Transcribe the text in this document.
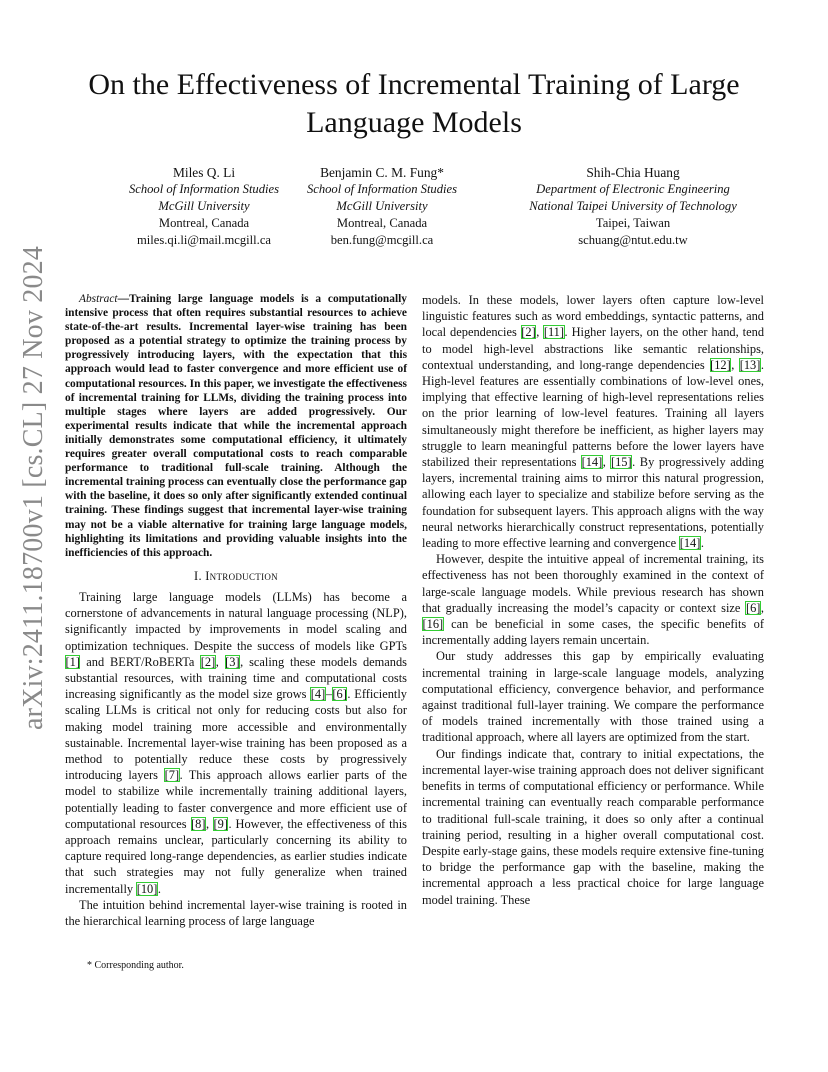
On the Effectiveness of Incremental Training of Large Language Models
Miles Q. Li
School of Information Studies
McGill University
Montreal, Canada
miles.qi.li@mail.mcgill.ca
Benjamin C. M. Fung*
School of Information Studies
McGill University
Montreal, Canada
ben.fung@mcgill.ca
Shih-Chia Huang
Department of Electronic Engineering
National Taipei University of Technology
Taipei, Taiwan
schuang@ntut.edu.tw
arXiv:2411.18700v1 [cs.CL] 27 Nov 2024	Abstract—Training large language models is a computationally intensive process that often requires substantial resources to achieve state-of-the-art results. Incremental layer-wise training has been proposed as a potential strategy to optimize the training process by progressively introducing layers, with the expectation that this approach would lead to faster convergence and more efficient use of computational resources. In this paper, we investigate the effectiveness of incremental training for LLMs, dividing the training process into multiple stages where layers are added progressively. Our experimental results indicate that while the incremental approach initially demonstrates some computational efficiency, it ultimately requires greater overall computational costs to reach comparable performance to traditional full-scale training. Although the incremental training process can eventually close the performance gap with the baseline, it does so only after significantly extended continual training. These findings suggest that incremental layer-wise training may not be a viable alternative for training large language models, highlighting its limitations and providing valuable insights into the inefficiencies of this approach.

I. Introduction

Training large language models (LLMs) has become a cornerstone of advancements in natural language processing (NLP), significantly impacted by improvements in model scaling and optimization techniques. Despite the success of models like GPTs [1] and BERT/RoBERTa [2], [3], scaling these models demands substantial resources, with training time and computational costs increasing significantly as the model size grows [4]–[6]. Efficiently scaling LLMs is critical not only for reducing costs but also for making model training more accessible and environmentally sustainable. Incremental layer-wise training has been proposed as a method to potentially reduce these costs by progressively introducing layers [7]. This approach allows earlier parts of the model to stabilize while incrementally training additional layers, potentially leading to faster convergence and more efficient use of computational resources [8], [9]. However, the effectiveness of this approach remains unclear, particularly concerning its ability to capture required long-range dependencies, as earlier studies indicate that such strategies may not fully generalize when trained incrementally [10].

The intuition behind incremental layer-wise training is rooted in the hierarchical learning process of large language

models. In these models, lower layers often capture low-level linguistic features such as word embeddings, syntactic patterns, and local dependencies [2], [11]. Higher layers, on the other hand, tend to model high-level abstractions like semantic relationships, contextual understanding, and long-range dependencies [12], [13]. High-level features are essentially combinations of low-level ones, implying that effective learning of high-level representations relies on the prior learning of low-level features. Training all layers simultaneously might therefore be inefficient, as higher layers may struggle to learn meaningful patterns before the lower layers have stabilized their representations [14], [15]. By progressively adding layers, incremental training aims to mirror this natural progression, allowing each layer to specialize and stabilize before serving as the foundation for subsequent layers. This approach aligns with the way neural networks hierarchically construct representations, potentially leading to more effective learning and convergence [14].

However, despite the intuitive appeal of incremental training, its effectiveness has not been thoroughly examined in the context of large-scale language models. While previous research has shown that gradually increasing the model’s capacity or context size [6], [16] can be beneficial in some cases, the specific benefits of incrementally adding layers remain uncertain.

Our study addresses this gap by empirically evaluating incremental training in large-scale language models, analyzing computational efficiency, convergence behavior, and performance against traditional full-layer training. We compare the performance of models trained incrementally with those trained using a traditional approach, where all layers are optimized from the start.

Our findings indicate that, contrary to initial expectations, the incremental layer-wise training approach does not deliver significant benefits in terms of computational efficiency or performance. While incremental training can eventually reach comparable performance to traditional full-scale training, it does so only after a continual training period, resulting in a higher overall computational cost. Despite early-stage gains, these models require extensive fine-tuning to bridge the performance gap with the baseline, making the incremental approach a less practical choice for large language model training. These

* Corresponding author.
